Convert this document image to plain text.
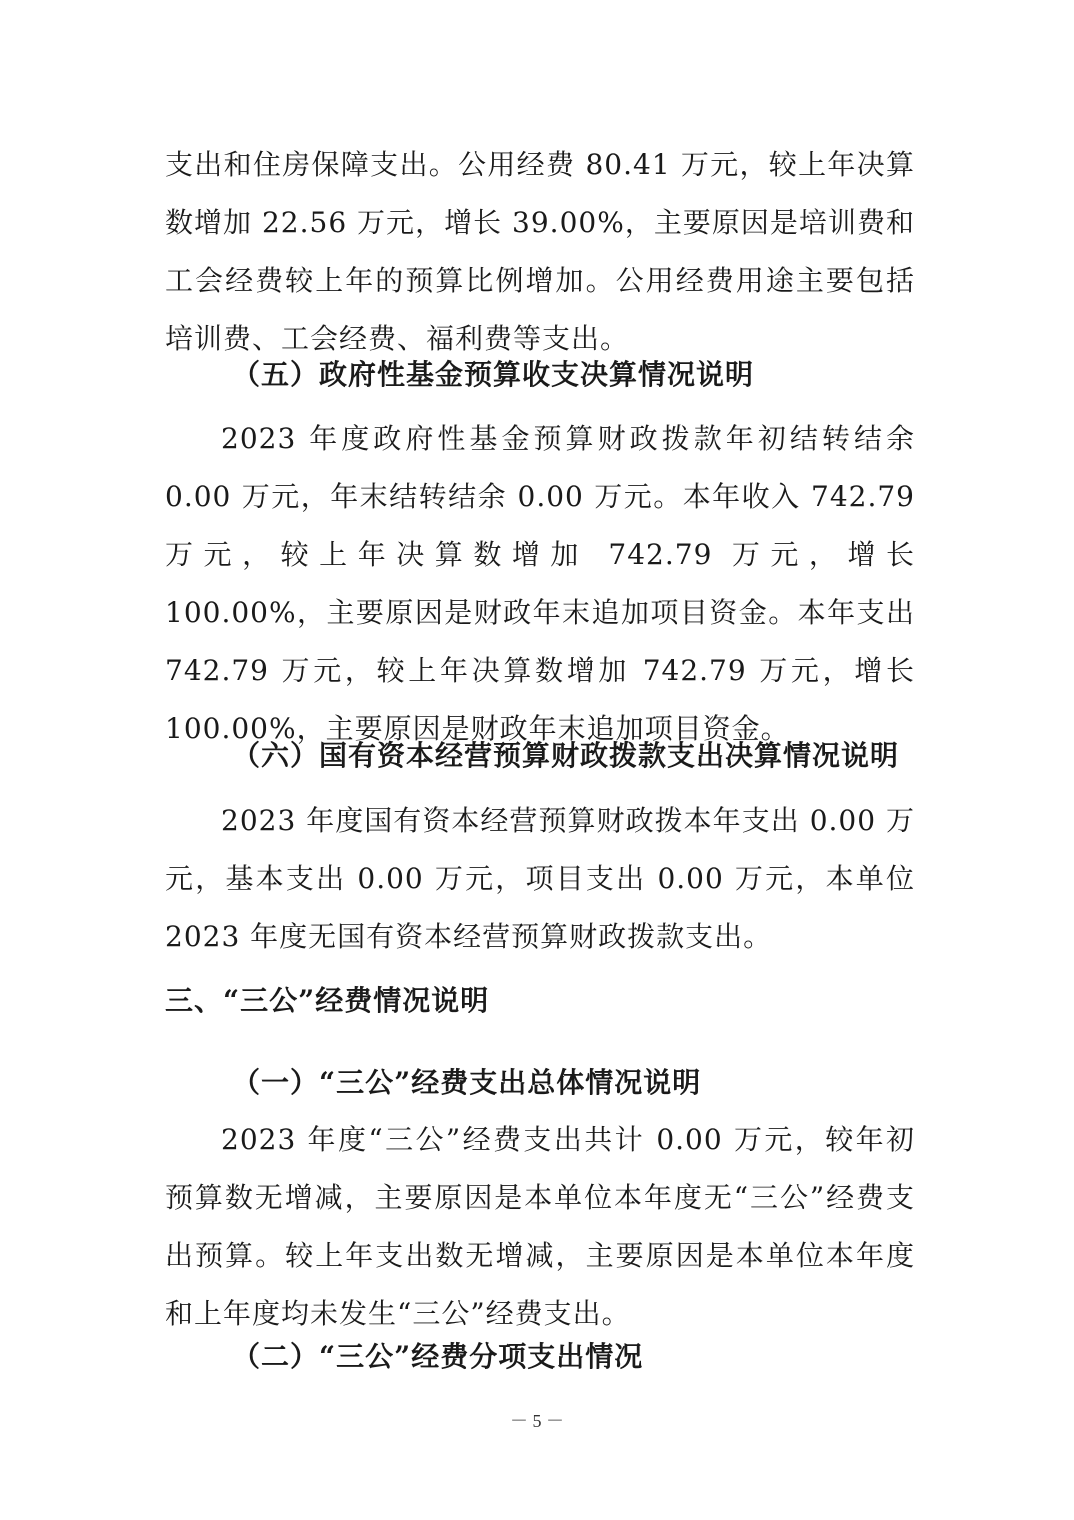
支出和住房保障支出。公用经费 80.41 万元，较上年决算数增加 22.56 万元，增长 39.00%，主要原因是培训费和工会经费较上年的预算比例增加。公用经费用途主要包括培训费、工会经费、福利费等支出。
（五）政府性基金预算收支决算情况说明
2023 年度政府性基金预算财政拨款年初结转结余 0.00 万元，年末结转结余 0.00 万元。本年收入 742.79 万元，较上年决算数增加 742.79 万元，增长 100.00%，主要原因是财政年末追加项目资金。本年支出 742.79 万元，较上年决算数增加 742.79 万元，增长 100.00%，主要原因是财政年末追加项目资金。
（六）国有资本经营预算财政拨款支出决算情况说明
2023 年度国有资本经营预算财政拨本年支出 0.00 万元，基本支出 0.00 万元，项目支出 0.00 万元，本单位 2023 年度无国有资本经营预算财政拨款支出。
三、“三公”经费情况说明
（一）“三公”经费支出总体情况说明
2023 年度“三公”经费支出共计 0.00 万元，较年初预算数无增减，主要原因是本单位本年度无“三公”经费支出预算。较上年支出数无增减，主要原因是本单位本年度和上年度均未发生“三公”经费支出。
（二）“三公”经费分项支出情况
－ 5 －
